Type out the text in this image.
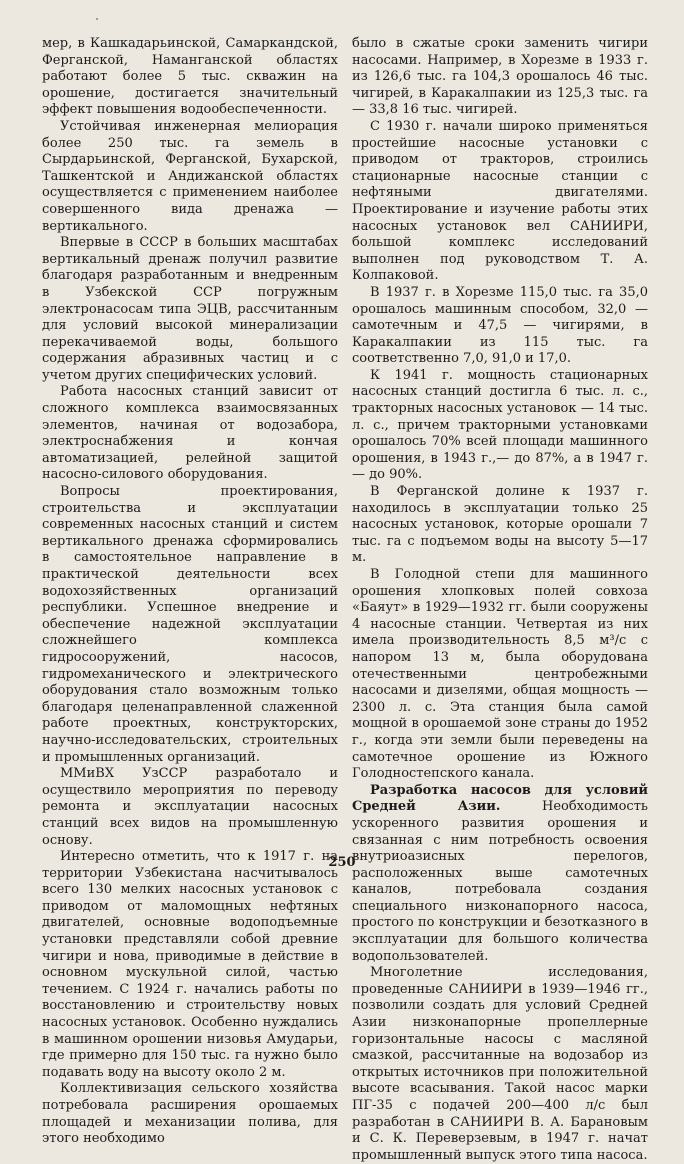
мер, в Кашкадарьинской, Самаркандской, Ферганской, Наманганской областях работают более 5 тыс. скважин на орошение, достигается значительный эффект повышения водообеспеченности.

Устойчивая инженерная мелиорация более 250 тыс. га земель в Сырдарьинской, Ферганской, Бухарской, Ташкентской и Андижанской областях осуществляется с применением наиболее совершенного вида дренажа — вертикального.

Впервые в СССР в больших масштабах вертикальный дренаж получил развитие благодаря разработанным и внедренным в Узбекской ССР погружным электронасосам типа ЭЦВ, рассчитанным для условий высокой минерализации перекачиваемой воды, большого содержания абразивных частиц и с учетом других специфических условий.

Работа насосных станций зависит от сложного комплекса взаимосвязанных элементов, начиная от водозабора, электроснабжения и кончая автоматизацией, релейной защитой насосно-силового оборудования.

Вопросы проектирования, строительства и эксплуатации современных насосных станций и систем вертикального дренажа сформировались в самостоятельное направление в практической деятельности всех водохозяйственных организаций республики. Успешное внедрение и обеспечение надежной эксплуатации сложнейшего комплекса гидросооружений, насосов, гидромеханического и электрического оборудования стало возможным только благодаря целенаправленной слаженной работе проектных, конструкторских, научно-исследовательских, строительных и промышленных организаций.

ММиВХ УзССР разработало и осуществило мероприятия по переводу ремонта и эксплуатации насосных станций всех видов на промышленную основу.

Интересно отметить, что к 1917 г. на территории Узбекистана насчитывалось всего 130 мелких насосных установок с приводом от маломощных нефтяных двигателей, основные водоподъемные установки представляли собой древние чигири и нова, приводимые в действие в основном мускульной силой, частью течением. С 1924 г. начались работы по восстановлению и строительству новых насосных установок. Особенно нуждались в машинном орошении низовья Амударьи, где примерно для 150 тыс. га нужно было подавать воду на высоту около 2 м.

Коллективизация сельского хозяйства потребовала расширения орошаемых площадей и механизации полива, для этого необходимо

было в сжатые сроки заменить чигири насосами. Например, в Хорезме в 1933 г. из 126,6 тыс. га 104,3 орошалось 46 тыс. чигирей, в Каракалпакии из 125,3 тыс. га — 33,8 16 тыс. чигирей.

С 1930 г. начали широко применяться простейшие насосные установки с приводом от тракторов, строились стационарные насосные станции с нефтяными двигателями. Проектирование и изучение работы этих насосных установок вел САНИИРИ, большой комплекс исследований выполнен под руководством Т. А. Колпаковой.

В 1937 г. в Хорезме 115,0 тыс. га 35,0 орошалось машинным способом, 32,0 — самотечным и 47,5 — чигирями, в Каракалпакии из 115 тыс. га соответственно 7,0, 91,0 и 17,0.

К 1941 г. мощность стационарных насосных станций достигла 6 тыс. л. с., тракторных насосных установок — 14 тыс. л. с., причем тракторными установками орошалось 70% всей площади машинного орошения, в 1943 г.,— до 87%, а в 1947 г. — до 90%.

В Ферганской долине к 1937 г. находилось в эксплуатации только 25 насосных установок, которые орошали 7 тыс. га с подъемом воды на высоту 5—17 м.

В Голодной степи для машинного орошения хлопковых полей совхоза «Баяут» в 1929—1932 гг. были сооружены 4 насосные станции. Четвертая из них имела производительность 8,5 м³/с с напором 13 м, была оборудована отечественными центробежными насосами и дизелями, общая мощность — 2300 л. с. Эта станция была самой мощной в орошаемой зоне страны до 1952 г., когда эти земли были переведены на самотечное орошение из Южного Голодностепского канала.

Разработка насосов для условий Средней Азии. Необходимость ускоренного развития орошения и связанная с ним потребность освоения внутриоазисных перелогов, расположенных выше самотечных каналов, потребовала создания специального низконапорного насоса, простого по конструкции и безотказного в эксплуатации для большого количества водопользователей.

Многолетние исследования, проведенные САНИИРИ в 1939—1946 гг., позволили создать для условий Средней Азии низконапорные пропеллерные горизонтальные насосы с масляной смазкой, рассчитанные на водозабор из открытых источников при положительной высоте всасывания. Такой насос марки ПГ-35 с подачей 200—400 л/с был разработан в САНИИРИ В. А. Барановым и С. К. Переверзевым, в 1947 г. начат промышленный выпуск этого типа насоса.

250
